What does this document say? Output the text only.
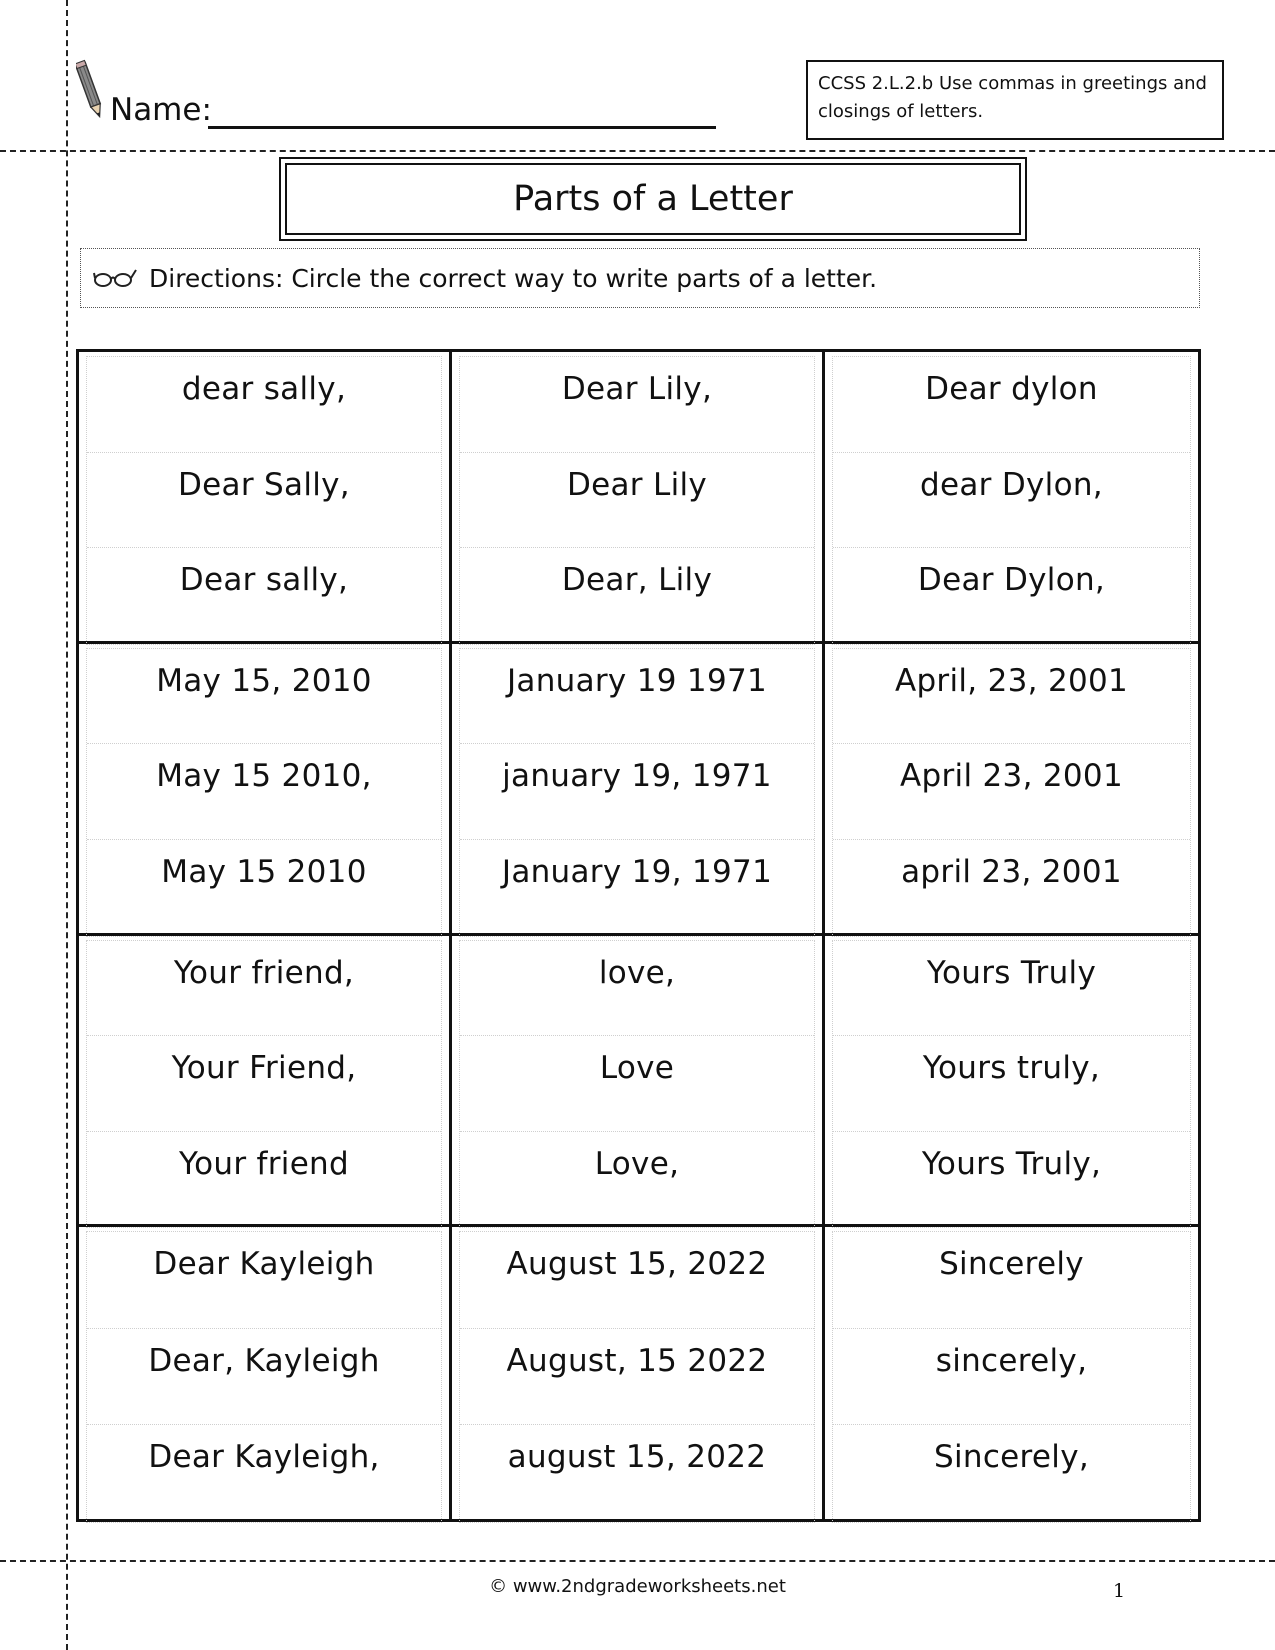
Name:
CCSS 2.L.2.b Use commas in greetings and closings of letters.
Parts of a Letter
Directions: Circle the correct way to write parts of a letter.
dear sally,
Dear Sally,
Dear sally,
Dear Lily,
Dear Lily
Dear, Lily
Dear dylon
dear Dylon,
Dear Dylon,
May 15, 2010
May 15 2010,
May 15 2010
January 19 1971
january 19, 1971
January 19, 1971
April, 23, 2001
April 23, 2001
april 23, 2001
Your friend,
Your Friend,
Your friend
love,
Love
Love,
Yours Truly
Yours truly,
Yours Truly,
Dear Kayleigh
Dear, Kayleigh
Dear Kayleigh,
August 15, 2022
August, 15 2022
august 15, 2022
Sincerely
sincerely,
Sincerely,
© www.2ndgradeworksheets.net	1
